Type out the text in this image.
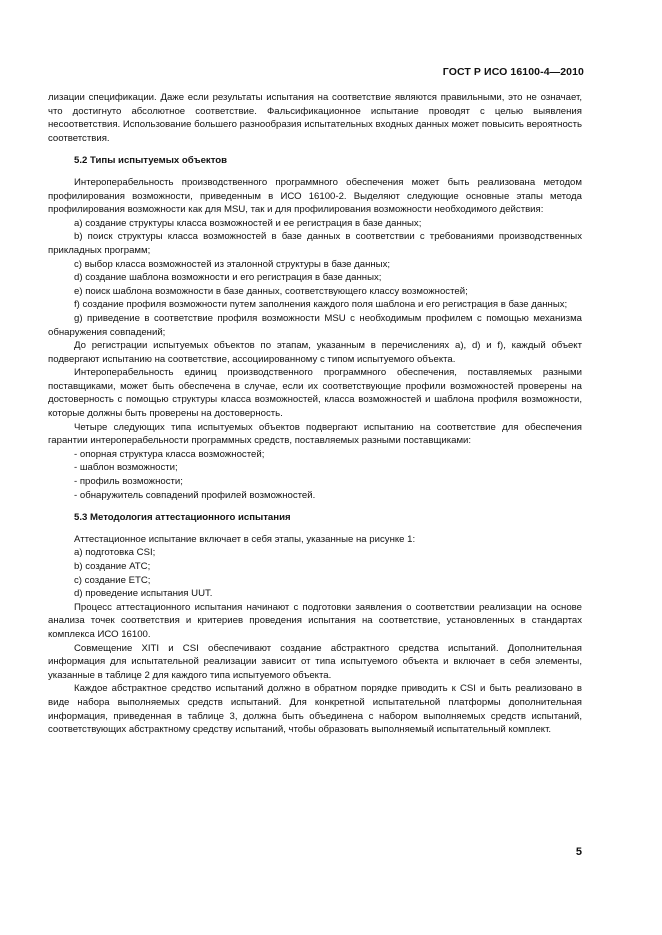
ГОСТ Р ИСО 16100-4—2010

лизации спецификации. Даже если результаты испытания на соответствие являются правильными, это не означает, что достигнуто абсолютное соответствие. Фальсификационное испытание проводят с целью выявления несоответствия. Использование большего разнообразия испытательных входных данных может повысить вероятность соответствия.

5.2 Типы испытуемых объектов

Интероперабельность производственного программного обеспечения может быть реализована методом профилирования возможности, приведенным в ИСО 16100-2. Выделяют следующие основные этапы метода профилирования возможности как для MSU, так и для профилирования возможности необходимого действия:

a) создание структуры класса возможностей и ее регистрация в базе данных;

b) поиск структуры класса возможностей в базе данных в соответствии с требованиями производственных прикладных программ;

c) выбор класса возможностей из эталонной структуры в базе данных;

d) создание шаблона возможности и его регистрация в базе данных;

e) поиск шаблона возможности в базе данных, соответствующего классу возможностей;

f) создание профиля возможности путем заполнения каждого поля шаблона и его регистрация в базе данных;

g) приведение в соответствие профиля возможности MSU с необходимым профилем с помощью механизма обнаружения совпадений;

До регистрации испытуемых объектов по этапам, указанным в перечислениях a), d) и f), каждый объект подвергают испытанию на соответствие, ассоциированному с типом испытуемого объекта.

Интероперабельность единиц производственного программного обеспечения, поставляемых разными поставщиками, может быть обеспечена в случае, если их соответствующие профили возможностей проверены на достоверность с помощью структуры класса возможностей, класса возможностей и шаблона профиля возможности, которые должны быть проверены на достоверность.

Четыре следующих типа испытуемых объектов подвергают испытанию на соответствие для обеспечения гарантии интероперабельности программных средств, поставляемых разными поставщиками:

- опорная структура класса возможностей;

- шаблон возможности;

- профиль возможности;

- обнаружитель совпадений профилей возможностей.

5.3 Методология аттестационного испытания

Аттестационное испытание включает в себя этапы, указанные на рисунке 1:

a) подготовка CSI;

b) создание ATC;

c) создание ETC;

d) проведение испытания UUT.

Процесс аттестационного испытания начинают с подготовки заявления о соответствии реализации на основе анализа точек соответствия и критериев проведения испытания на соответствие, установленных в стандартах комплекса ИСО 16100.

Совмещение XITI и CSI обеспечивают создание абстрактного средства испытаний. Дополнительная информация для испытательной реализации зависит от типа испытуемого объекта и включает в себя элементы, указанные в таблице 2 для каждого типа испытуемого объекта.

Каждое абстрактное средство испытаний должно в обратном порядке приводить к CSI и быть реализовано в виде набора выполняемых средств испытаний. Для конкретной испытательной платформы дополнительная информация, приведенная в таблице 3, должна быть объединена с набором выполняемых средств испытаний, соответствующих абстрактному средству испытаний, чтобы образовать выполняемый испытательный комплект.

5
